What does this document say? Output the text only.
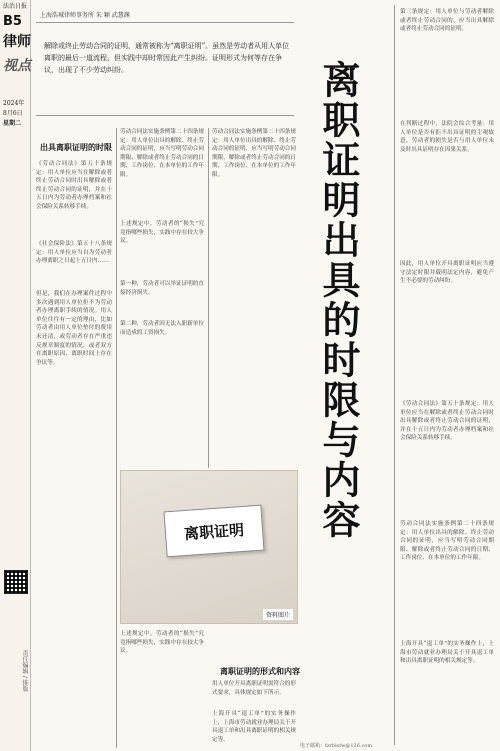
法治日报
B5
律师
视点
2024年
8月6日
星期二
责任编辑 / 排版
上海浩城律师事务所 朱 颖 武慧渊
解除或终止劳动合同的证明，通常被称为“离职证明”。虽然是劳动者从用人单位离职的最后一道流程，但实践中却时常因此产生纠纷。证明形式为何等存在争议，出现了不少劳动纠纷。	离职证明出具的时限与内容
出具离职证明的时限
《劳动合同法》第五十条规定：用人单位应当在解除或者终止劳动合同时出具解除或者终止劳动合同的证明，并在十五日内为劳动者办理档案和社会保险关系转移手续。
《社会保险法》第五十八条规定：用人单位应当自为劳动者办理离职之日起十五日内……
但是，我们在办理案件过程中多次遇到用人单位拒不为劳动者办理离职手续的情况。用人单位往往有一定的理由，比如劳动者由用人单位垫付的费用未还清，或劳动者存在严重违反规章制度的情况，或者双方在离职原因、离职时间上存在争议等。
劳动合同法实施条例第二十四条规定：用人单位出具的解除、终止劳动合同的证明，应当写明劳动合同期限、解除或者终止劳动合同的日期、工作岗位、在本单位的工作年限。
上述规定中，劳动者的“损失”究竟指哪些损失，实践中存在较大争议。
第一种，劳动者可以举证证明的直接经济损失。
第二种，劳动者因无法入职新单位而造成的工资损失。
劳动合同法实施条例第二十四条规定：用人单位出具的解除、终止劳动合同的证明，应当写明劳动合同期限、解除或者终止劳动合同的日期、工作岗位、在本单位的工作年限。
资料图片
离职证明
离职证明的形式和内容
用人单位开具离职证明需符合的形式要求，具体规定如下所示。
上海开具“退工单”的实务操作上，上海市劳动就业办理局关于开具退工单和出具离职证明的相关规定等。
上述规定中，劳动者的“损失”究竟指哪些损失，实践中存在较大争议。
第三条规定：用人单位与劳动者解除或者终止劳动合同的，应当出具解除或者终止劳动合同的证明。
在判断过程中，法院会综合考量：用人单位是否有拒不出具证明的主观故意，劳动者的损失是否与用人单位未及时出具证明存在因果关系。
因此，用人单位开具离职证明应当遵守法定时限并载明法定内容，避免产生不必要的劳动纠纷。
《劳动合同法》第五十条规定：用人单位应当在解除或者终止劳动合同时出具解除或者终止劳动合同的证明，并在十五日内为劳动者办理档案和社会保险关系转移手续。
劳动合同法实施条例第二十四条规定：用人单位出具的解除、终止劳动合同的证明，应当写明劳动合同期限、解除或者终止劳动合同的日期、工作岗位、在本单位的工作年限。
上海开具“退工单”的实务操作上，上海市劳动就业办理局关于开具退工单和出具离职证明的相关规定等。
电子邮箱：fzrblsfw@126.com
